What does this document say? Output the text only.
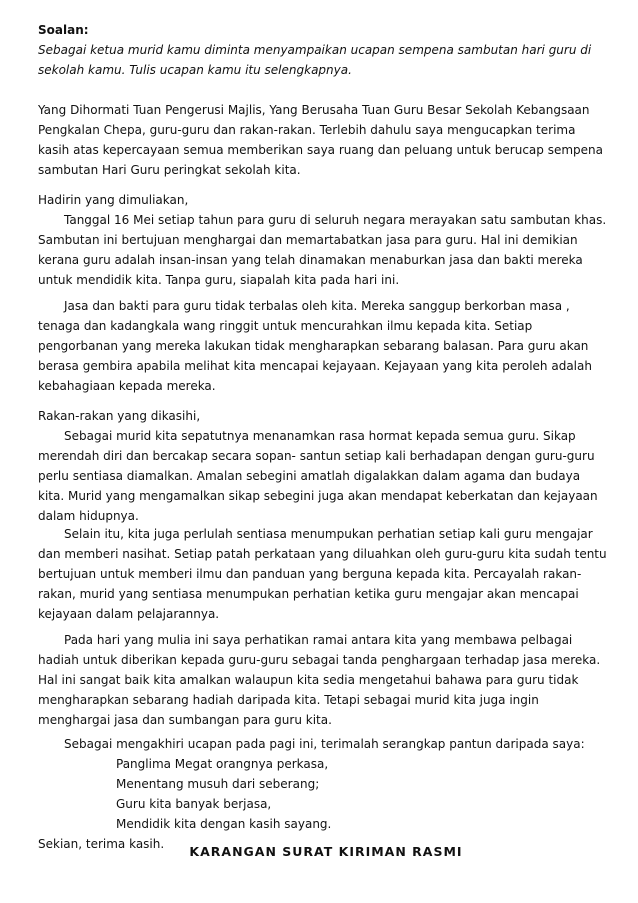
Soalan:
Sebagai ketua murid kamu diminta menyampaikan ucapan sempena sambutan hari guru di sekolah kamu. Tulis ucapan kamu itu selengkapnya.

Yang Dihormati Tuan Pengerusi Majlis, Yang Berusaha Tuan Guru Besar Sekolah Kebangsaan Pengkalan Chepa, guru-guru dan rakan-rakan. Terlebih dahulu saya mengucapkan terima kasih atas kepercayaan semua memberikan saya ruang dan peluang untuk berucap sempena sambutan Hari Guru peringkat sekolah kita.

Hadirin yang dimuliakan,

Tanggal 16 Mei setiap tahun para guru di seluruh negara merayakan satu sambutan khas. Sambutan ini bertujuan menghargai dan memartabatkan jasa para guru. Hal ini demikian kerana guru adalah insan-insan yang telah dinamakan menaburkan jasa dan bakti mereka untuk mendidik kita. Tanpa guru, siapalah kita pada hari ini.

Jasa dan bakti para guru tidak terbalas oleh kita. Mereka sanggup berkorban masa , tenaga dan kadangkala wang ringgit untuk mencurahkan ilmu kepada kita. Setiap pengorbanan yang mereka lakukan tidak mengharapkan sebarang balasan. Para guru akan berasa gembira apabila melihat kita mencapai kejayaan. Kejayaan yang kita peroleh adalah kebahagiaan kepada mereka.

Rakan-rakan yang dikasihi,

Sebagai murid kita sepatutnya menanamkan rasa hormat kepada semua guru. Sikap merendah diri dan bercakap secara sopan- santun setiap kali berhadapan dengan guru-guru perlu sentiasa diamalkan. Amalan sebegini amatlah digalakkan dalam agama dan budaya kita. Murid yang mengamalkan sikap sebegini juga akan mendapat keberkatan dan kejayaan dalam hidupnya.

Selain itu, kita juga perlulah sentiasa menumpukan perhatian setiap kali guru mengajar dan memberi nasihat. Setiap patah perkataan yang diluahkan oleh guru-guru kita sudah tentu bertujuan untuk memberi ilmu dan panduan yang berguna kepada kita. Percayalah rakan-rakan, murid yang sentiasa menumpukan perhatian ketika guru mengajar akan mencapai kejayaan dalam pelajarannya.

Pada hari yang mulia ini saya perhatikan ramai antara kita yang membawa pelbagai hadiah untuk diberikan kepada guru-guru sebagai tanda penghargaan terhadap jasa mereka. Hal ini sangat baik kita amalkan walaupun kita sedia mengetahui bahawa para guru tidak mengharapkan sebarang hadiah daripada kita. Tetapi sebagai murid kita juga ingin menghargai jasa dan sumbangan para guru kita.

Sebagai mengakhiri ucapan pada pagi ini, terimalah serangkap pantun daripada saya:

Panglima Megat orangnya perkasa,

Menentang musuh dari seberang;

Guru kita banyak berjasa,

Mendidik kita dengan kasih sayang.

Sekian, terima kasih.	KARANGAN SURAT KIRIMAN RASMI
